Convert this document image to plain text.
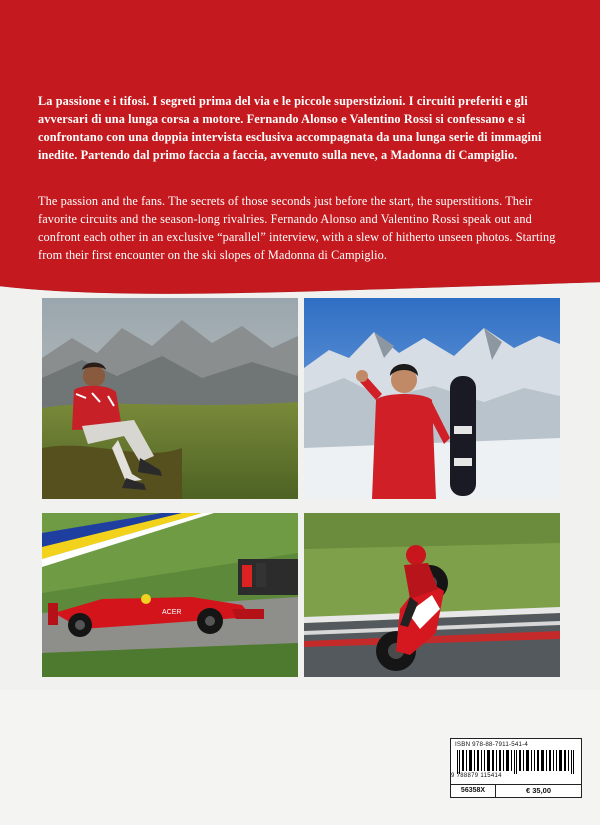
La passione e i tifosi. I segreti prima del via e le piccole superstizioni. I circuiti preferiti e gli avversari di una lunga corsa a motore. Fernando Alonso e Valentino Rossi si confessano e si confrontano con una doppia intervista esclusiva accompagnata da una lunga serie di immagini inedite. Partendo dal primo faccia a faccia, avvenuto sulla neve, a Madonna di Campiglio.
The passion and the fans. The secrets of those seconds just before the start, the superstitions. Their favorite circuits and the season-long rivalries. Fernando Alonso and Valentino Rossi speak out and confront each other in an exclusive “parallel” interview, with a slew of hitherto unseen photos. Starting from their first encounter on the ski slopes of Madonna di Campiglio.
ACER
ISBN 978-88-7911-541-4
9 788879 115414
56358X	€ 35,00
